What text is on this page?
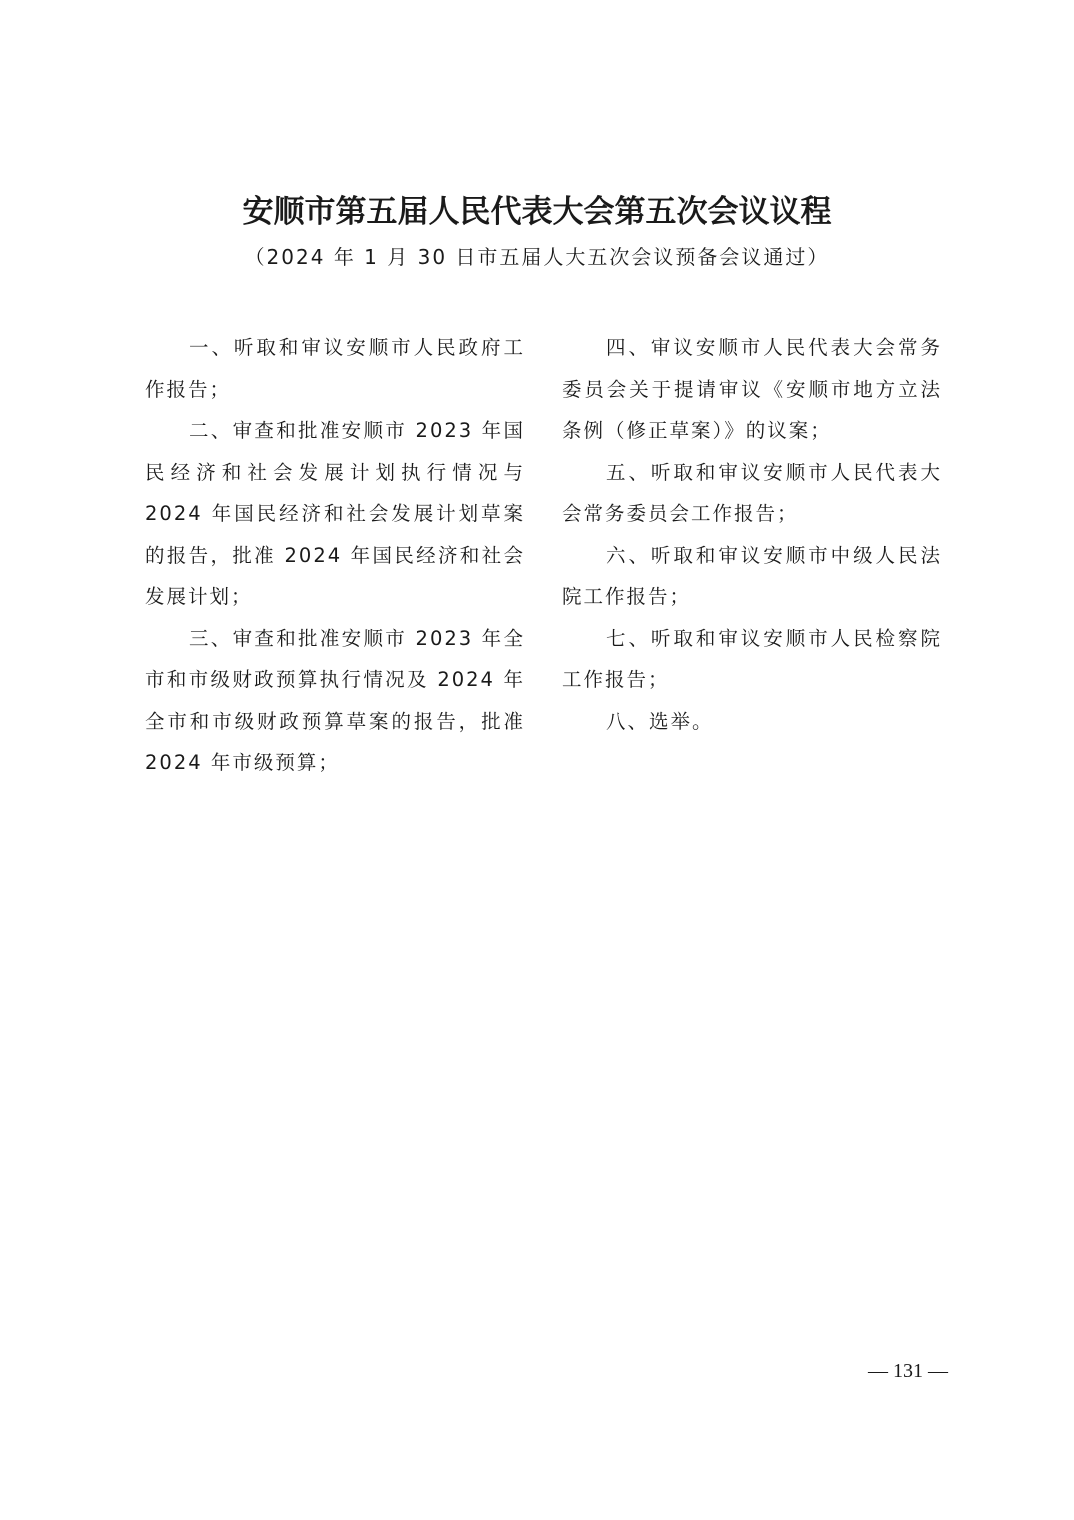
安顺市第五届人民代表大会第五次会议议程
（2024 年 1 月 30 日市五届人大五次会议预备会议通过）

一、听取和审议安顺市人民政府工作报告；

二、审查和批准安顺市 2023 年国民经济和社会发展计划执行情况与 2024 年国民经济和社会发展计划草案的报告，批准 2024 年国民经济和社会发展计划；

三、审查和批准安顺市 2023 年全市和市级财政预算执行情况及 2024 年全市和市级财政预算草案的报告，批准 2024 年市级预算；

四、审议安顺市人民代表大会常务委员会关于提请审议《安顺市地方立法条例（修正草案）》的议案；

五、听取和审议安顺市人民代表大会常务委员会工作报告；

六、听取和审议安顺市中级人民法院工作报告；

七、听取和审议安顺市人民检察院工作报告；

八、选举。

— 131 —
